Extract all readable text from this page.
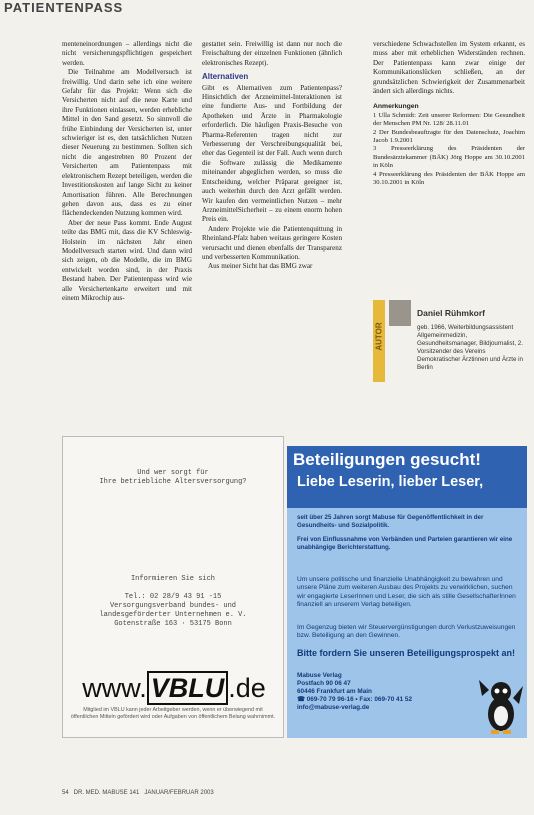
PATIENTENPASS

menteneinordnungen – allerdings nicht die nicht versicherungspflichtigen gespeichert werden.

Die Teilnahme am Modellversuch ist freiwillig. Und darin sehe ich eine weitere Gefahr für das Projekt: Wenn sich die Versicherten nicht auf die neue Karte und ihre Funktionen einlassen, werden erhebliche Mittel in den Sand gesetzt. So sinnvoll die frühe Einbindung der Versicherten ist, unter schwieriger ist es, den tatsächlichen Nutzen dieser Neuerung zu bestimmen. Sollten sich nicht die angestrebten 80 Prozent der Versicherten am Patientenpass mit elektronischem Rezept beteiligen, werden die Investitionskosten auf lange Sicht zu keiner Amortisation führen. Alle Berechnungen gehen davon aus, dass es zu einer flächendeckenden Nutzung kommen wird.

Aber der neue Pass kommt. Ende August teilte das BMG mit, dass die KV Schleswig-Holstein im nächsten Jahr einen Modellversuch starten wird. Und dann wird sich zeigen, ob die Modelle, die im BMG entwickelt worden sind, in der Praxis Bestand haben. Der Patientenpass wird wie alle Versichertenkarte erweitert und mit einem Mikrochip aus-

gestattet sein. Freiwillig ist dann nur noch die Freischaltung der einzelnen Funktionen (ähnlich elektronisches Rezept).

Alternativen

Gibt es Alternativen zum Patientenpass? Hinsichtlich der Arzneimittel-Interaktionen ist eine fundierte Aus- und Fortbildung der Apotheken und Ärzte in Pharmakologie erforderlich. Die häufigen Praxis-Besuche von Pharma-Referenten tragen nicht zur Verbesserung der Verschreibungsqualität bei, eher das Gegenteil ist der Fall. Auch wenn durch die Software zulässig die Medikamente miteinander abgeglichen werden, so muss die Entscheidung, welcher Präparat geeigner ist, auch weiterhin durch den Arzt gefällt werden. Wir kaufen den vermeintlichen Nutzen – mehr ArzneimittelSicherheit – zu einem enorm hohen Preis ein.

Andere Projekte wie die Patientenquittung in Rheinland-Pfalz haben weitaus geringere Kosten verursacht und dienen ebenfalls der Transparenz und verbesserten Kommunikation.

Aus meiner Sicht hat das BMG zwar

verschiedene Schwachstellen im System erkannt, es muss aber mit erheblichen Widerständen rechnen. Der Patientenpass kann zwar einige der Kommunikationslücken schließen, an der grundsätzlichen Schwierigkeit der Zusammenarbeit ändert sich allerdings nichts.

Anmerkungen

1 Ulla Schmidt: Zeit unserer Reformen: Die Gesundheit der Menschen PM Nr. 128/ 28.11.01

2 Der Bundesbeauftragte für den Datenschutz, Joachim Jacob 1.9.2001

3 Presseerklärung des Präsidenten der Bundesärztekammer (BÄK) Jörg Hoppe am 30.10.2001 in Köln

4 Presseerklärung des Präsidenten der BÄK Hoppe am 30.10.2001 in Köln

AUTOR
Daniel Rühmkorf
geb. 1966, Weiterbildungsassistent Allgemeinmedizin, Gesundheitsmanager, Bildjournalist, 2. Vorsitzender des Vereins Demokratischer Ärztinnen und Ärzte in Berlin
Und wer sorgt für
Ihre betriebliche Altersversorgung?
Informieren Sie sich

Tel.: 02 28/9 43 91 -15
Versorgungsverband bundes- und
landesgeförderter Unternehmen e. V.
Gotenstraße 163 · 53175 Bonn
www. VBLU .de
Mitglied im VBLU kann jeder Arbeitgeber werden, wenn er überwiegend mit öffentlichen Mitteln gefördert wird oder Aufgaben von öffentlichem Belang wahrnimmt.
Beteiligungen gesucht!
Liebe Leserin, lieber Leser,
seit über 25 Jahren sorgt Mabuse für Gegenöffentlichkeit in der Gesundheits- und Sozialpolitik.
Frei von Einflussnahme von Verbänden und Parteien garantieren wir eine unabhängige Berichterstattung.
Um unsere politische und finanzielle Unabhängigkeit zu bewahren und unsere Pläne zum weiteren Ausbau des Projekts zu verwirklichen, suchen wir engagierte LeserInnen und Leser, die sich als stille GesellschafterInnen finanziell an unserem Verlag beteiligen.
Im Gegenzug bieten wir Steuervergünstigungen durch Verlustzuweisungen bzw. Beteiligung an den Gewinnen.
Bitte fordern Sie unseren Beteiligungsprospekt an!
Mabuse Verlag
Postfach 90 06 47
60446 Frankfurt am Main
☎ 069-70 79 96-16 • Fax: 069-70 41 52
info@mabuse-verlag.de
54   DR. MED. MABUSE 141   JANUAR/FEBRUAR 2003
